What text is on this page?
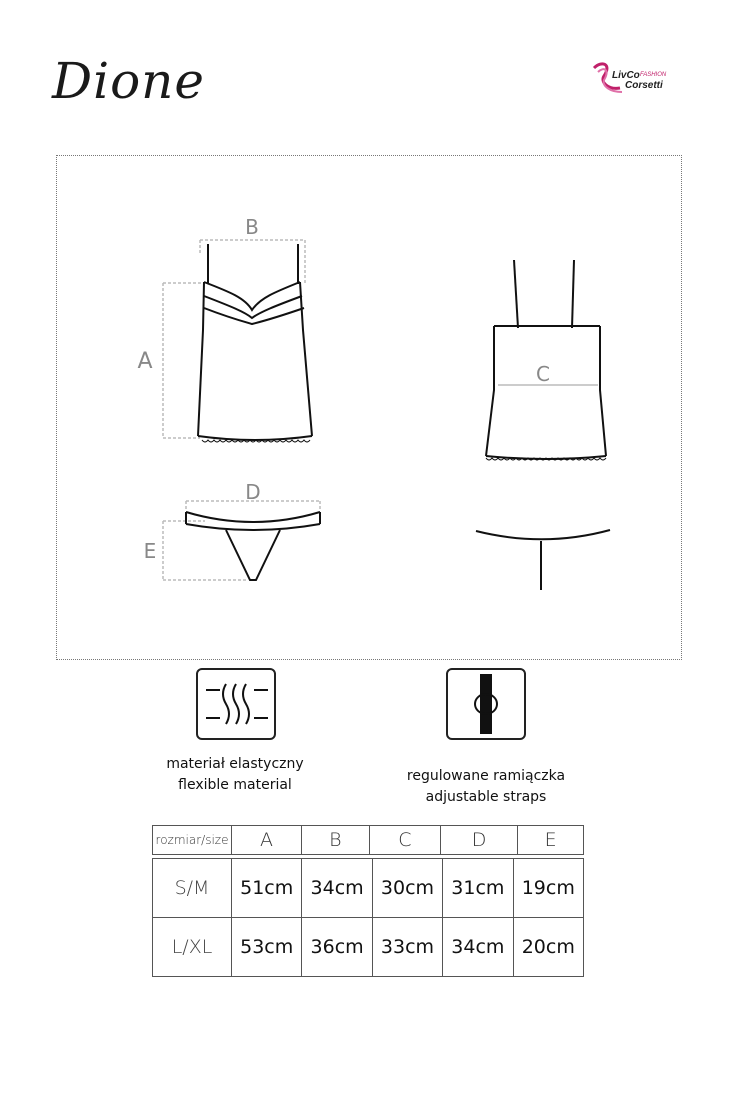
Dione	LivCo FASHION
Corsetti
B
A	C
D
E
materiał elastyczny
flexible material
regulowane ramiączka
adjustable straps
rozmiar/size	A	B	C	D	E
S/M	51cm	34cm	30cm	31cm	19cm
L/XL	53cm	36cm	33cm	34cm	20cm
